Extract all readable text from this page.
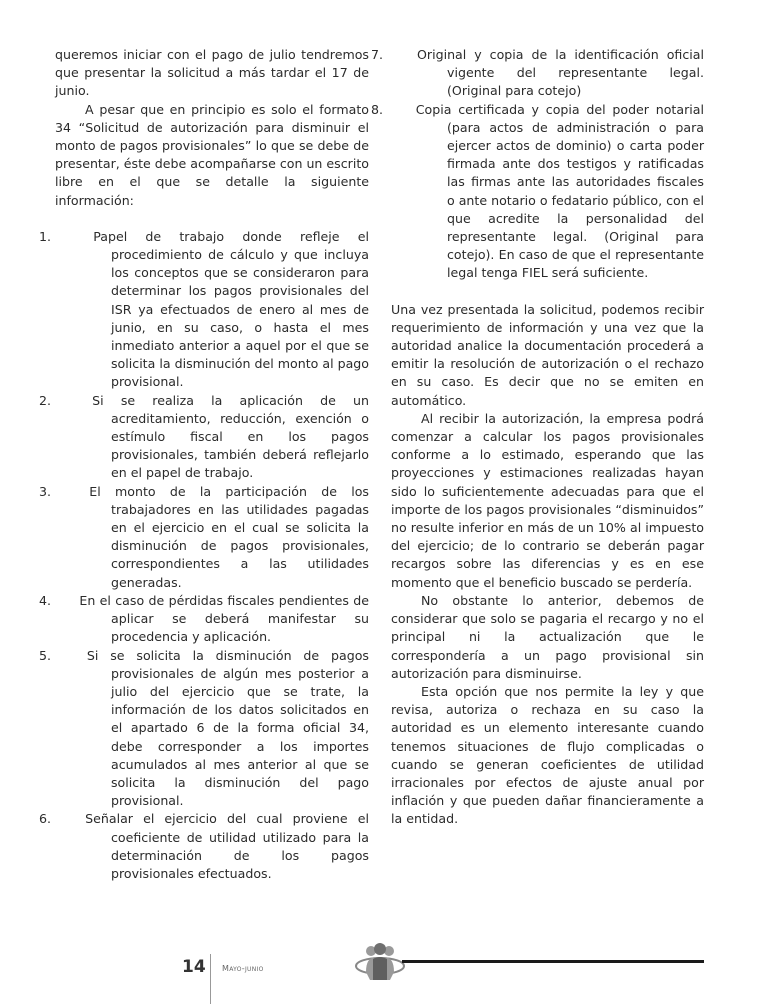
queremos iniciar con el pago de julio tendremos que presentar la solicitud a más tardar el 17 de junio.

A pesar que en principio es solo el formato 34 “Solicitud de autorización para disminuir el monto de pagos provisionales” lo que se debe de presentar, éste debe acompañarse con un escrito libre en el que se detalle la siguiente información:

1.	Papel de trabajo donde refleje el procedimiento de cálculo y que incluya los conceptos que se consideraron para determinar los pagos provisionales del ISR ya efectuados de enero al mes de junio, en su caso, o hasta el mes inmediato anterior a aquel por el que se solicita la disminución del monto al pago provisional.
2.	Si se realiza la aplicación de un acreditamiento, reducción, exención o estímulo fiscal en los pagos provisionales, también deberá reflejarlo en el papel de trabajo.
3.	El monto de la participación de los trabajadores en las utilidades pagadas en el ejercicio en el cual se solicita la disminución de pagos provisionales, correspondientes a las utilidades generadas.
4. En el caso de pérdidas fiscales pendientes de aplicar se deberá manifestar su procedencia y aplicación.
5.	Si se solicita la disminución de pagos provisionales de algún mes posterior a julio del ejercicio que se trate, la información de los datos solicitados en el apartado 6 de la forma oficial 34, debe corresponder a los importes acumulados al mes anterior al que se solicita la disminución del pago provisional.
6.	Señalar el ejercicio del cual proviene el coeficiente de utilidad utilizado para la determinación de los pagos provisionales efectuados.
7.	Original y copia de la identificación oficial vigente del representante legal. (Original para cotejo)
8.	Copia certificada y copia del poder notarial (para actos de administración o para ejercer actos de dominio) o carta poder firmada ante dos testigos y ratificadas las firmas ante las autoridades fiscales o ante notario o fedatario público, con el que acredite la personalidad del representante legal. (Original para cotejo). En caso de que el representante legal tenga FIEL será suficiente.

Una vez presentada la solicitud, podemos recibir requerimiento de información y una vez que la autoridad analice la documentación procederá a emitir la resolución de autorización o el rechazo en su caso. Es decir que no se emiten en automático.

Al recibir la autorización, la empresa podrá comenzar a calcular los pagos provisionales conforme a lo estimado, esperando que las proyecciones y estimaciones realizadas hayan sido lo suficientemente adecuadas para que el importe de los pagos provisionales “disminuidos” no resulte inferior en más de un 10% al impuesto del ejercicio; de lo contrario se deberán pagar recargos sobre las diferencias y es en ese momento que el beneficio buscado se perdería.

No obstante lo anterior, debemos de considerar que solo se pagaria el recargo y no el principal ni la actualización que le correspondería a un pago provisional sin autorización para disminuirse.

Esta opción que nos permite la ley y que revisa, autoriza o rechaza en su caso la autoridad es un elemento interesante cuando tenemos situaciones de flujo complicadas o cuando se generan coeficientes de utilidad irracionales por efectos de ajuste anual por inflación y que pueden dañar financieramente a la entidad.

14 Mayo-junio
